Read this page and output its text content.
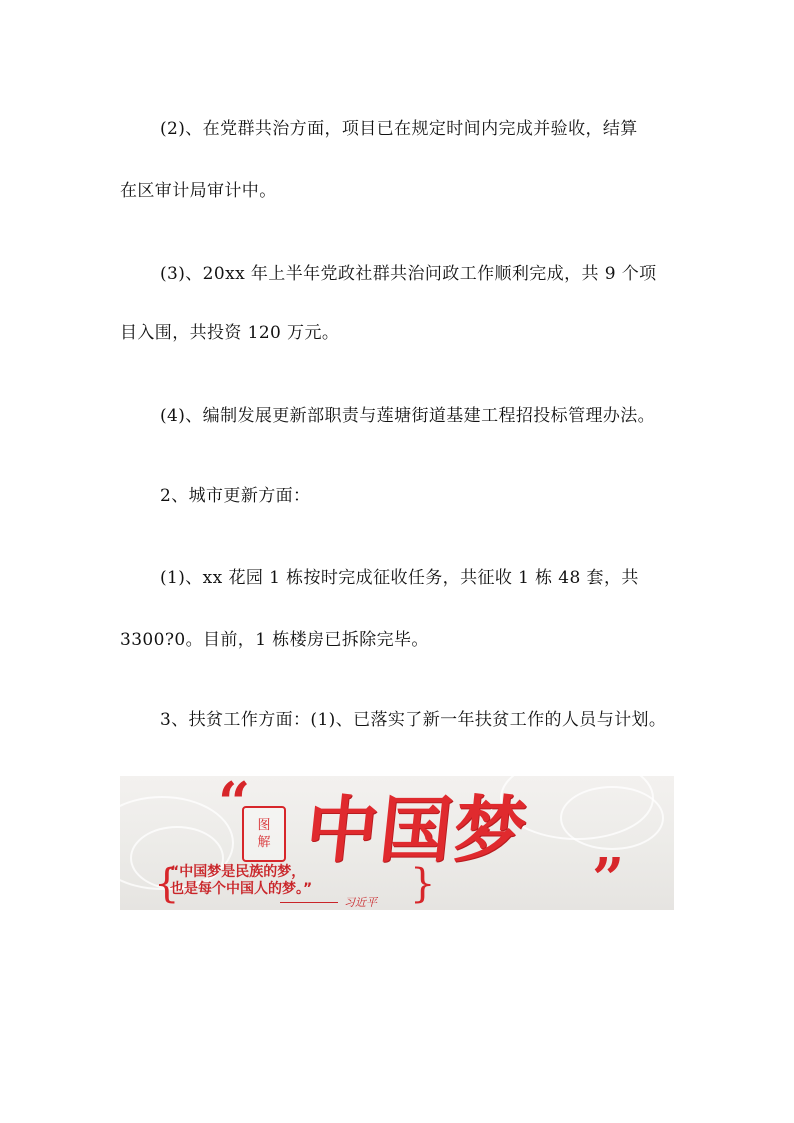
(2)、在党群共治方面，项目已在规定时间内完成并验收，结算
在区审计局审计中。
(3)、20xx 年上半年党政社群共治问政工作顺利完成，共 9 个项
目入围，共投资 120 万元。
(4)、编制发展更新部职责与莲塘街道基建工程招投标管理办法。
2、城市更新方面：
(1)、xx 花园 1 栋按时完成征收任务，共征收 1 栋 48 套，共
3300?0。目前，1 栋楼房已拆除完毕。
3、扶贫工作方面：(1)、已落实了新一年扶贫工作的人员与计划。
“ 图
解 中国梦
”
{
“中国梦是民族的梦，
也是每个中国人的梦。”	}
习近平
